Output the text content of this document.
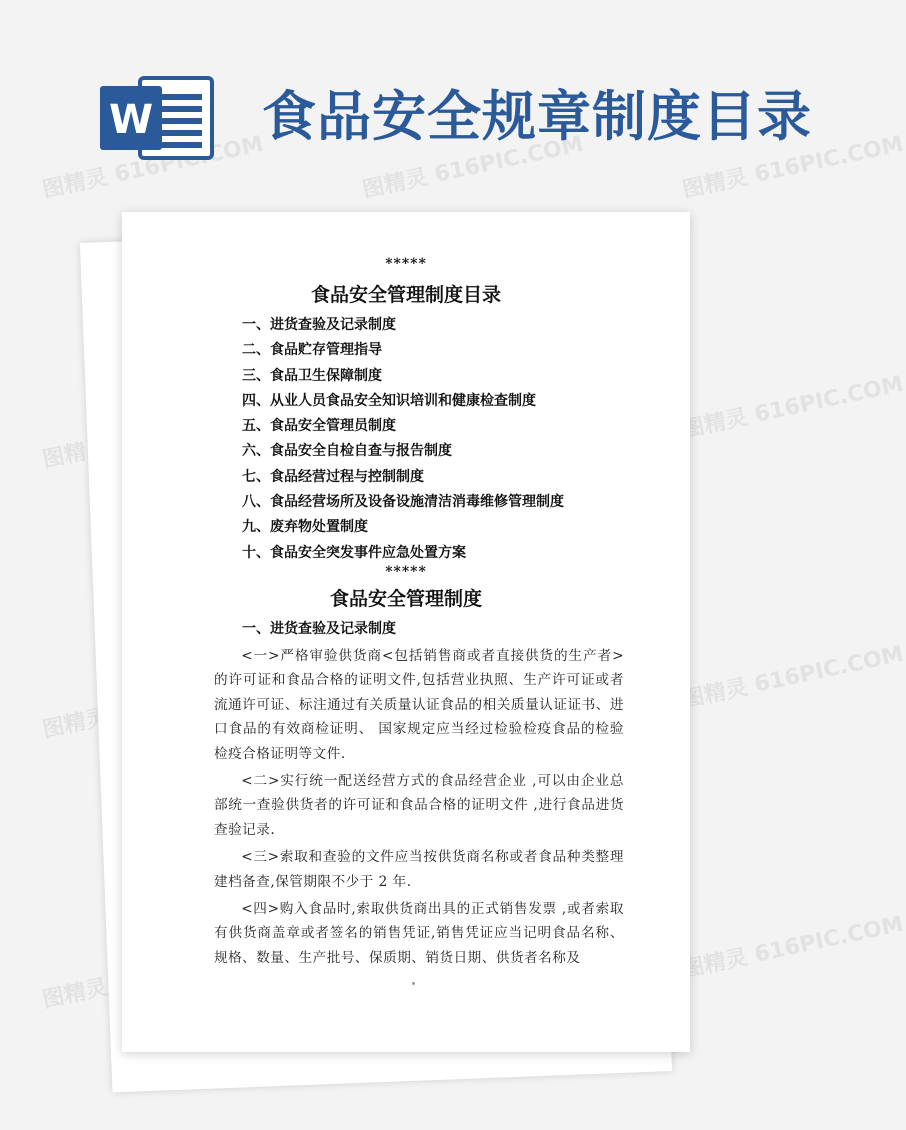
图精灵 616PIC.COM	图精灵 616PIC.COM	图精灵 616PIC.COM
图精灵
图精灵 616PIC.COM
图精灵
图精灵 616PIC.COM
图精灵
图精灵 616PIC.COM
W 食品安全规章制度目录
*****
食品安全管理制度目录
一、进货查验及记录制度
二、食品贮存管理指导
三、食品卫生保障制度
四、从业人员食品安全知识培训和健康检查制度
五、食品安全管理员制度
六、食品安全自检自查与报告制度
七、食品经营过程与控制制度
八、食品经营场所及设备设施清洁消毒维修管理制度
九、废弃物处置制度
十、食品安全突发事件应急处置方案
*****
食品安全管理制度
一、进货查验及记录制度

<一>严格审验供货商<包括销售商或者直接供货的生产者>的许可证和食品合格的证明文件,包括营业执照、生产许可证或者流通许可证、标注通过有关质量认证食品的相关质量认证证书、进口食品的有效商检证明、 国家规定应当经过检验检疫食品的检验检疫合格证明等文件.

<二>实行统一配送经营方式的食品经营企业 ,可以由企业总部统一查验供货者的许可证和食品合格的证明文件 ,进行食品进货查验记录.

<三>索取和查验的文件应当按供货商名称或者食品种类整理建档备查,保管期限不少于 2 年.

<四>购入食品时,索取供货商出具的正式销售发票 ,或者索取有供货商盖章或者签名的销售凭证,销售凭证应当记明食品名称、规格、数量、生产批号、保质期、销货日期、供货者名称及
